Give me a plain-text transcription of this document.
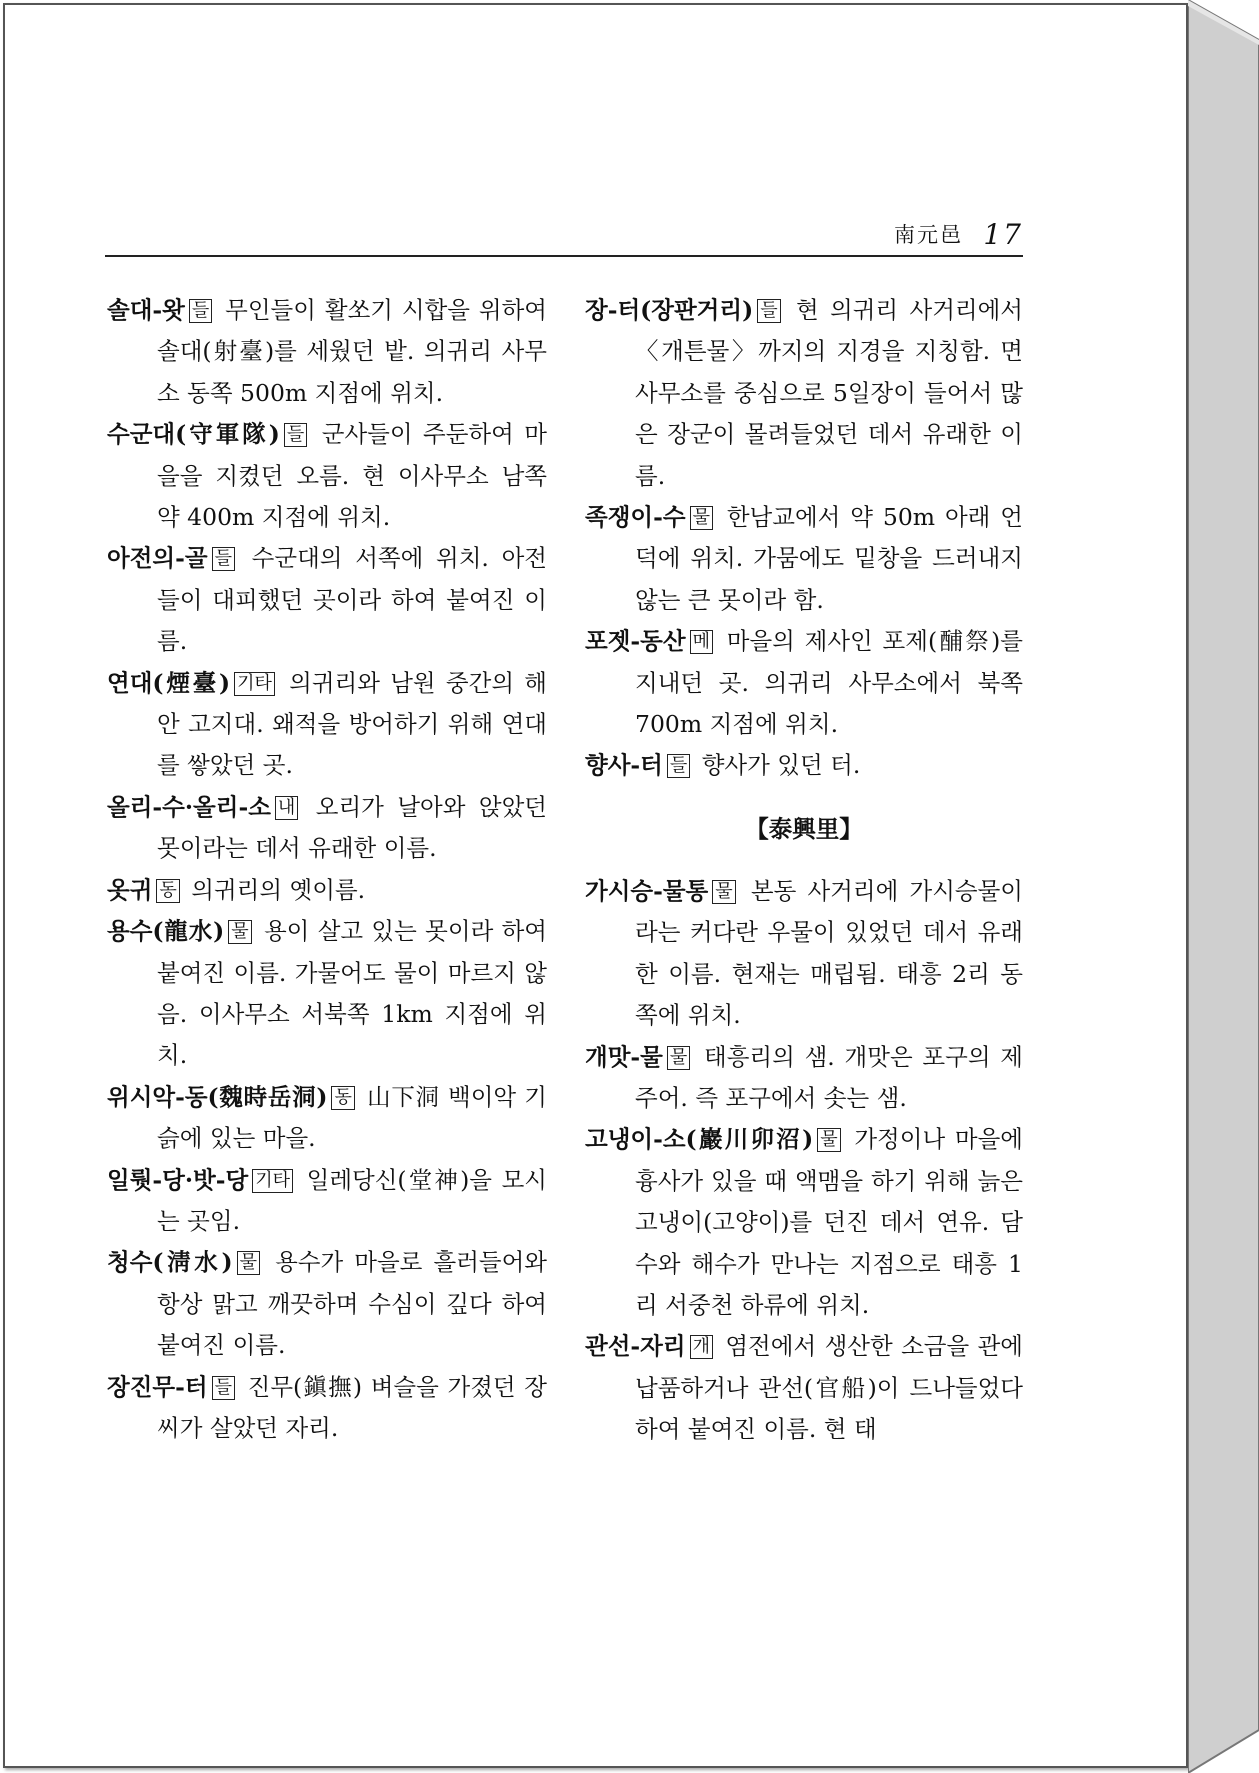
南元邑 17
솔대-왓 들 무인들이 활쏘기 시합을 위하여 솔대(射臺)를 세웠던 밭. 의귀리 사무소 동쪽 500m 지점에 위치.
수군대(守軍隊) 들 군사들이 주둔하여 마을을 지켰던 오름. 현 이사무소 남쪽 약 400m 지점에 위치.
아전의-골 들 수군대의 서쪽에 위치. 아전들이 대피했던 곳이라 하여 붙여진 이름.
연대(煙臺) 기타 의귀리와 남원 중간의 해안 고지대. 왜적을 방어하기 위해 연대를 쌓았던 곳.
올리-수·올리-소 내 오리가 날아와 앉았던 못이라는 데서 유래한 이름.
옷귀 동 의귀리의 옛이름.
용수(龍水) 물 용이 살고 있는 못이라 하여 붙여진 이름. 가물어도 물이 마르지 않음. 이사무소 서북쪽 1km 지점에 위치.
위시악-동(魏時岳洞) 동 山下洞 백이악 기슭에 있는 마을.
일뤗-당·밧-당 기타 일레당신(堂神)을 모시는 곳임.
청수(淸水) 물 용수가 마을로 흘러들어와 항상 맑고 깨끗하며 수심이 깊다 하여 붙여진 이름.
장진무-터 들 진무(鎭撫) 벼슬을 가졌던 장씨가 살았던 자리.
장-터(장판거리) 들 현 의귀리 사거리에서 〈개튼물〉까지의 지경을 지칭함. 면사무소를 중심으로 5일장이 들어서 많은 장군이 몰려들었던 데서 유래한 이름.
족쟁이-수 물 한남교에서 약 50m 아래 언덕에 위치. 가뭄에도 밑창을 드러내지 않는 큰 못이라 함.
포젯-동산 메 마을의 제사인 포제(酺祭)를 지내던 곳. 의귀리 사무소에서 북쪽 700m 지점에 위치.
향사-터 들 향사가 있던 터.
【泰興里】
가시승-물통 물 본동 사거리에 가시승물이라는 커다란 우물이 있었던 데서 유래한 이름. 현재는 매립됨. 태흥 2리 동쪽에 위치.
개맛-물 물 태흥리의 샘. 개맛은 포구의 제주어. 즉 포구에서 솟는 샘.
고냉이-소(巖川卯沼) 물 가정이나 마을에 흉사가 있을 때 액맴을 하기 위해 늙은 고냉이(고양이)를 던진 데서 연유. 담수와 해수가 만나는 지점으로 태흥 1리 서중천 하류에 위치.
관선-자리 개 염전에서 생산한 소금을 관에 납품하거나 관선(官船)이 드나들었다 하여 붙여진 이름. 현 태
